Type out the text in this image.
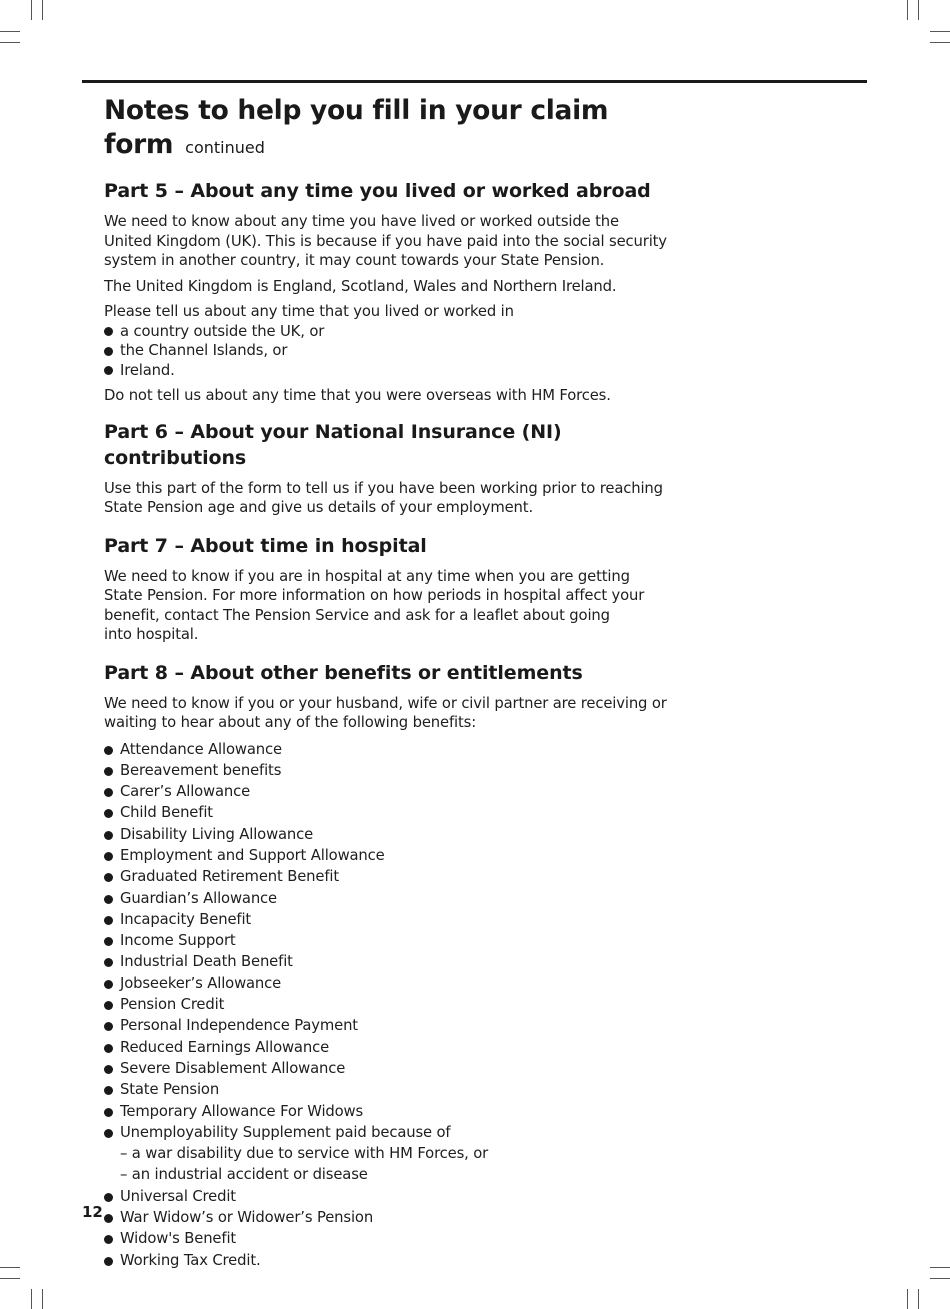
Notes to help you fill in your claim form continued
Part 5 – About any time you lived or worked abroad

We need to know about any time you have lived or worked outside the
United Kingdom (UK). This is because if you have paid into the social security
system in another country, it may count towards your State Pension.

The United Kingdom is England, Scotland, Wales and Northern Ireland.

Please tell us about any time that you lived or worked in

a country outside the UK, or
the Channel Islands, or
Ireland.

Do not tell us about any time that you were overseas with HM Forces.

Part 6 – About your National Insurance (NI) contributions

Use this part of the form to tell us if you have been working prior to reaching
State Pension age and give us details of your employment.

Part 7 – About time in hospital

We need to know if you are in hospital at any time when you are getting
State Pension. For more information on how periods in hospital affect your
benefit, contact The Pension Service and ask for a leaflet about going
into hospital.

Part 8 – About other benefits or entitlements

We need to know if you or your husband, wife or civil partner are receiving or
waiting to hear about any of the following benefits:

Attendance Allowance
Bereavement benefits
Carer’s Allowance
Child Benefit
Disability Living Allowance
Employment and Support Allowance
Graduated Retirement Benefit
Guardian’s Allowance
Incapacity Benefit
Income Support
Industrial Death Benefit
Jobseeker’s Allowance
Pension Credit
Personal Independence Payment
Reduced Earnings Allowance
Severe Disablement Allowance
State Pension
Temporary Allowance For Widows
Unemployability Supplement paid because of
– a war disability due to service with HM Forces, or
– an industrial accident or disease
Universal Credit
War Widow’s or Widower’s Pension
Widow's Benefit
Working Tax Credit.
12
